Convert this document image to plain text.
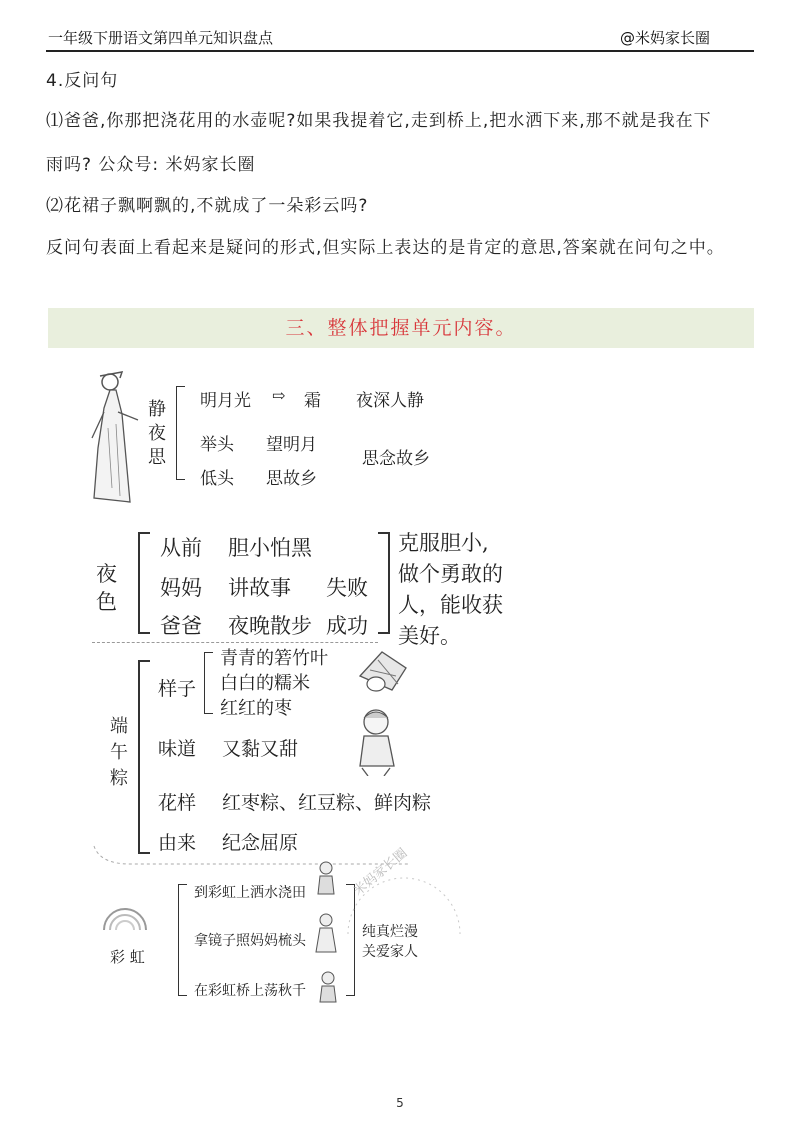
一年级下册语文第四单元知识盘点	@米妈家长圈
4.反问句
⑴爸爸,你那把浇花用的水壶呢?如果我提着它,走到桥上,把水洒下来,那不就是我在下
雨吗? 公众号: 米妈家长圈
⑵花裙子飘啊飘的,不就成了一朵彩云吗?
反问句表面上看起来是疑问的形式,但实际上表达的是肯定的意思,答案就在问句之中。
三、整体把握单元内容。
静
夜
思
明月光 ⇨ 霜 夜深人静
举头 望明月
低头 思故乡
思念故乡
夜
色
从前 胆小怕黑
妈妈 讲故事 失败
爸爸 夜晚散步 成功
克服胆小,
做个勇敢的
人，能收获
美好。
端
午
粽
样子
青青的箬竹叶
白白的糯米
红红的枣
味道 又黏又甜
花样 红枣粽、红豆粽、鲜肉粽
由来 纪念屈原
彩 虹
到彩虹上洒水浇田
拿镜子照妈妈梳头
在彩虹桥上荡秋千
纯真烂漫
关爱家人
米妈家长圈
5
